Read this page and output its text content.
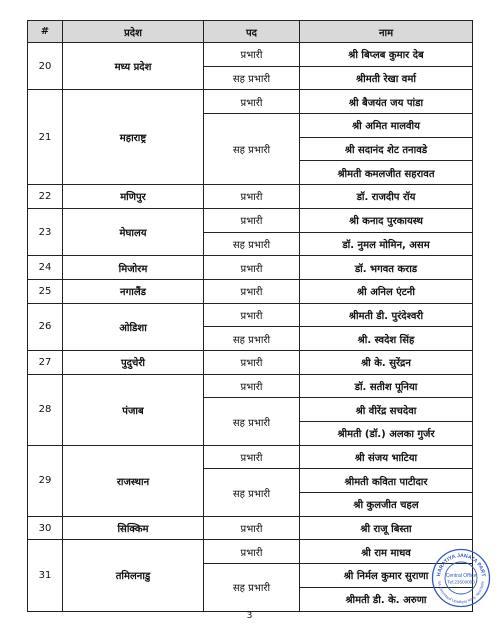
#	प्रदेश	पद	नाम
20	मध्य प्रदेश	प्रभारी	श्री बिप्लब कुमार देब
		सह प्रभारी	श्रीमती रेखा वर्मा
21	महाराष्ट्र	प्रभारी	श्री बैजयंत जय पांडा
		सह प्रभारी	श्री अमित मालवीय
			श्री सदानंद शेट तनावडे
			श्रीमती कमलजीत सहरावत
22	मणिपुर	प्रभारी	डॉ. राजदीप रॉय
23	मेघालय	प्रभारी	श्री कनाद पुरकायस्थ
		सह प्रभारी	डॉ. नुमल मोमिन, असम
24	मिजोरम	प्रभारी	डॉ. भगवत कराड
25	नगालैंड	प्रभारी	श्री अनिल एंटनी
26	ओडिशा	प्रभारी	श्रीमती डी. पुरंदेश्वरी
		सह प्रभारी	श्री. स्वदेश सिंह
27	पुदुचेरी	प्रभारी	श्री के. सुरेंद्रन
28	पंजाब	प्रभारी	डॉ. सतीश पूनिया
		सह प्रभारी	श्री वीरेंद्र सचदेवा
			श्रीमती (डॉ.) अलका गुर्जर
29	राजस्थान	प्रभारी	श्री संजय भाटिया
		सह प्रभारी	श्रीमती कविता पाटीदार
			श्री कुलजीत चहल
30	सिक्किम	प्रभारी	श्री राजू बिस्ता
31	तमिलनाडु	प्रभारी	श्री राम माधव
		सह प्रभारी	श्री निर्मल कुमार सुराणा
			श्रीमती डी. के. अरुणा
3
HARATIYA JANATA PART
6A, Deendayal Upadhyay Marg, New Delhi
Central Office
Tel:23500000
